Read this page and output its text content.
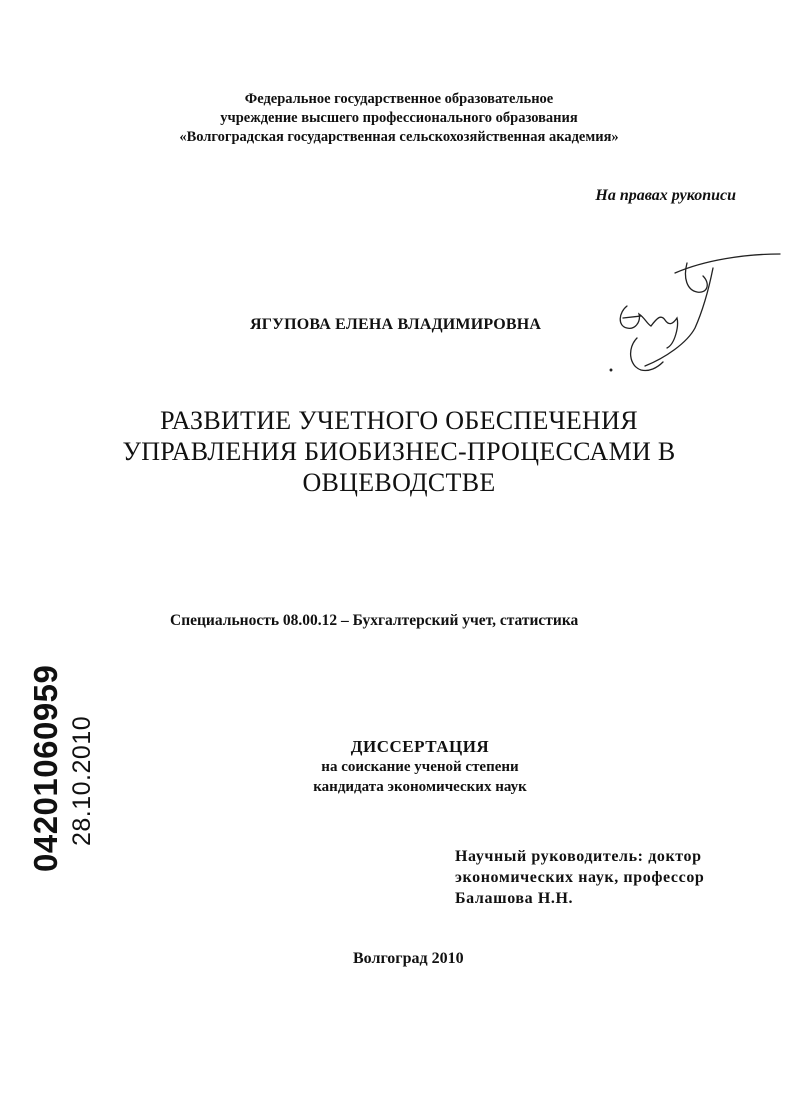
Федеральное государственное образовательное
учреждение высшего профессионального образования
«Волгоградская государственная сельскохозяйственная академия»
На правах рукописи
ЯГУПОВА ЕЛЕНА ВЛАДИМИРОВНА
РАЗВИТИЕ УЧЕТНОГО ОБЕСПЕЧЕНИЯ
УПРАВЛЕНИЯ БИОБИЗНЕС-ПРОЦЕССАМИ В
ОВЦЕВОДСТВЕ
Специальность 08.00.12 – Бухгалтерский учет, статистика
ДИССЕРТАЦИЯ
на соискание ученой степени
кандидата экономических наук
Научный руководитель: доктор
экономических наук, профессор
Балашова Н.Н.
Волгоград 2010
04201060959 28.10.2010
